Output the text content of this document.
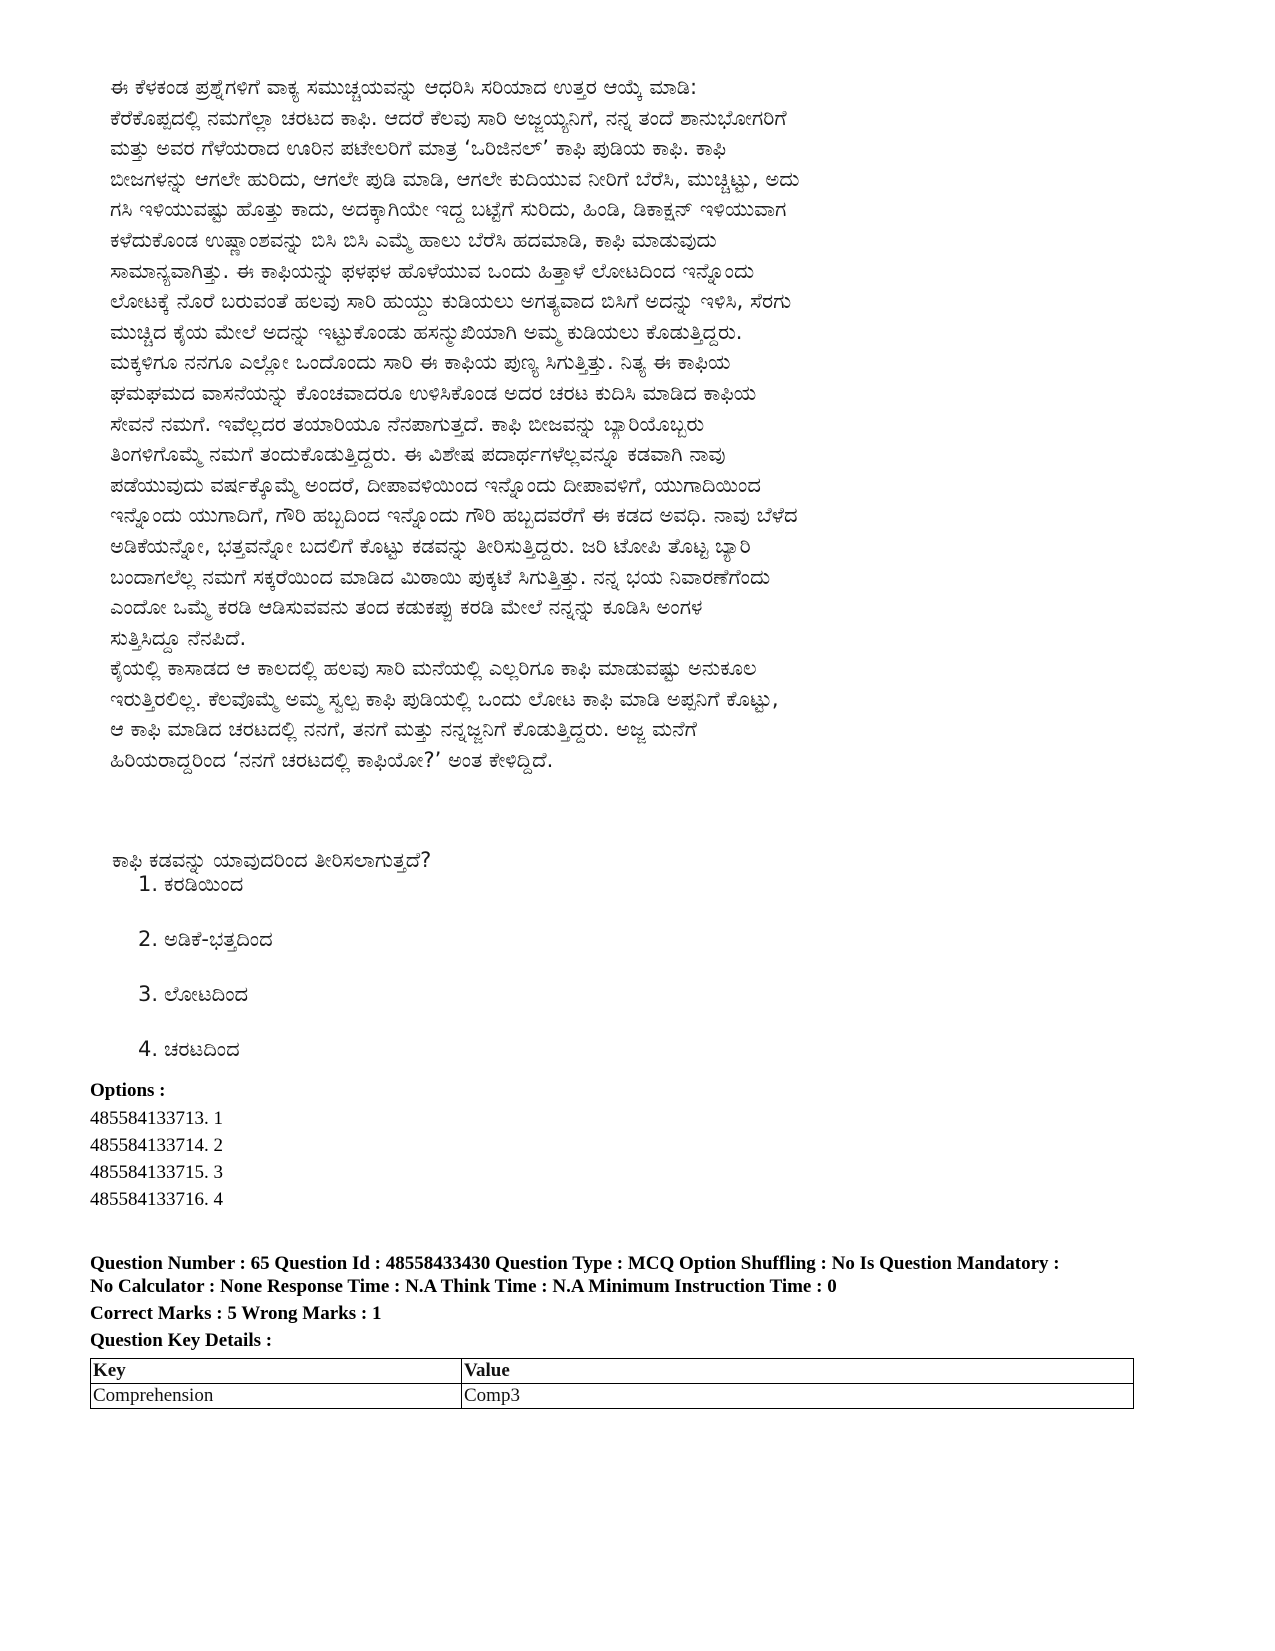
ಈ ಕೆಳಕಂಡ ಪ್ರಶ್ನೆಗಳಿಗೆ ವಾಕ್ಯ ಸಮುಚ್ಚಯವನ್ನು ಆಧರಿಸಿ ಸರಿಯಾದ ಉತ್ತರ ಆಯ್ಕೆ ಮಾಡಿ:
ಕೆರೆಕೊಪ್ಪದಲ್ಲಿ ನಮಗೆಲ್ಲಾ ಚರಟದ ಕಾಫಿ. ಆದರೆ ಕೆಲವು ಸಾರಿ ಅಜ್ಜಯ್ಯನಿಗೆ, ನನ್ನ ತಂದೆ ಶಾನುಭೋಗರಿಗೆ
ಮತ್ತು ಅವರ ಗೆಳೆಯರಾದ ಊರಿನ ಪಟೇಲರಿಗೆ ಮಾತ್ರ ‘ಒರಿಜಿನಲ್’ ಕಾಫಿ ಪುಡಿಯ ಕಾಫಿ. ಕಾಫಿ
ಬೀಜಗಳನ್ನು ಆಗಲೇ ಹುರಿದು, ಆಗಲೇ ಪುಡಿ ಮಾಡಿ, ಆಗಲೇ ಕುದಿಯುವ ನೀರಿಗೆ ಬೆರೆಸಿ, ಮುಚ್ಚಿಟ್ಟು, ಅದು
ಗಸಿ ಇಳಿಯುವಷ್ಟು ಹೊತ್ತು ಕಾದು, ಅದಕ್ಕಾಗಿಯೇ ಇದ್ದ ಬಟ್ಟೆಗೆ ಸುರಿದು, ಹಿಂಡಿ, ಡಿಕಾಕ್ಷನ್ ಇಳಿಯುವಾಗ
ಕಳೆದುಕೊಂಡ ಉಷ್ಣಾಂಶವನ್ನು ಬಿಸಿ ಬಿಸಿ ಎಮ್ಮೆ ಹಾಲು ಬೆರೆಸಿ ಹದಮಾಡಿ, ಕಾಫಿ ಮಾಡುವುದು
ಸಾಮಾನ್ಯವಾಗಿತ್ತು. ಈ ಕಾಫಿಯನ್ನು ಫಳಫಳ ಹೊಳೆಯುವ ಒಂದು ಹಿತ್ತಾಳೆ ಲೋಟದಿಂದ ಇನ್ನೊಂದು
ಲೋಟಕ್ಕೆ ನೊರೆ ಬರುವಂತೆ ಹಲವು ಸಾರಿ ಹುಯ್ದು ಕುಡಿಯಲು ಅಗತ್ಯವಾದ ಬಿಸಿಗೆ ಅದನ್ನು ಇಳಿಸಿ, ಸೆರಗು
ಮುಚ್ಚಿದ ಕೈಯ ಮೇಲೆ ಅದನ್ನು ಇಟ್ಟುಕೊಂಡು ಹಸನ್ಮುಖಿಯಾಗಿ ಅಮ್ಮ ಕುಡಿಯಲು ಕೊಡುತ್ತಿದ್ದರು.
ಮಕ್ಕಳಿಗೂ ನನಗೂ ಎಲ್ಲೋ ಒಂದೊಂದು ಸಾರಿ ಈ ಕಾಫಿಯ ಪುಣ್ಯ ಸಿಗುತ್ತಿತ್ತು. ನಿತ್ಯ ಈ ಕಾಫಿಯ
ಘಮಘಮದ ವಾಸನೆಯನ್ನು ಕೊಂಚವಾದರೂ ಉಳಿಸಿಕೊಂಡ ಅದರ ಚರಟ ಕುದಿಸಿ ಮಾಡಿದ ಕಾಫಿಯ
ಸೇವನೆ ನಮಗೆ. ಇವೆಲ್ಲದರ ತಯಾರಿಯೂ ನೆನಪಾಗುತ್ತದೆ. ಕಾಫಿ ಬೀಜವನ್ನು ಬ್ಯಾರಿಯೊಬ್ಬರು
ತಿಂಗಳಿಗೊಮ್ಮೆ ನಮಗೆ ತಂದುಕೊಡುತ್ತಿದ್ದರು. ಈ ವಿಶೇಷ ಪದಾರ್ಥಗಳೆಲ್ಲವನ್ನೂ ಕಡವಾಗಿ ನಾವು
ಪಡೆಯುವುದು ವರ್ಷಕ್ಕೊಮ್ಮೆ ಅಂದರೆ, ದೀಪಾವಳಿಯಿಂದ ಇನ್ನೊಂದು ದೀಪಾವಳಿಗೆ, ಯುಗಾದಿಯಿಂದ
ಇನ್ನೊಂದು ಯುಗಾದಿಗೆ, ಗೌರಿ ಹಬ್ಬದಿಂದ ಇನ್ನೊಂದು ಗೌರಿ ಹಬ್ಬದವರೆಗೆ ಈ ಕಡದ ಅವಧಿ. ನಾವು ಬೆಳೆದ
ಅಡಿಕೆಯನ್ನೋ, ಭತ್ತವನ್ನೋ ಬದಲಿಗೆ ಕೊಟ್ಟು ಕಡವನ್ನು ತೀರಿಸುತ್ತಿದ್ದರು. ಜರಿ ಟೋಪಿ ತೊಟ್ಟ ಬ್ಯಾರಿ
ಬಂದಾಗಲೆಲ್ಲ ನಮಗೆ ಸಕ್ಕರೆಯಿಂದ ಮಾಡಿದ ಮಿಠಾಯಿ ಪುಕ್ಕಟೆ ಸಿಗುತ್ತಿತ್ತು. ನನ್ನ ಭಯ ನಿವಾರಣೆಗೆಂದು
ಎಂದೋ ಒಮ್ಮೆ ಕರಡಿ ಆಡಿಸುವವನು ತಂದ ಕಡುಕಪ್ಪು ಕರಡಿ ಮೇಲೆ ನನ್ನನ್ನು ಕೂಡಿಸಿ ಅಂಗಳ
ಸುತ್ತಿಸಿದ್ದೂ ನೆನಪಿದೆ.
ಕೈಯಲ್ಲಿ ಕಾಸಾಡದ ಆ ಕಾಲದಲ್ಲಿ ಹಲವು ಸಾರಿ ಮನೆಯಲ್ಲಿ ಎಲ್ಲರಿಗೂ ಕಾಫಿ ಮಾಡುವಷ್ಟು ಅನುಕೂಲ
ಇರುತ್ತಿರಲಿಲ್ಲ. ಕೆಲವೊಮ್ಮೆ ಅಮ್ಮ ಸ್ವಲ್ಪ ಕಾಫಿ ಪುಡಿಯಲ್ಲಿ ಒಂದು ಲೋಟ ಕಾಫಿ ಮಾಡಿ ಅಪ್ಪನಿಗೆ ಕೊಟ್ಟು,
ಆ ಕಾಫಿ ಮಾಡಿದ ಚರಟದಲ್ಲಿ ನನಗೆ, ತನಗೆ ಮತ್ತು ನನ್ನಜ್ಜನಿಗೆ ಕೊಡುತ್ತಿದ್ದರು. ಅಜ್ಜ ಮನೆಗೆ
ಹಿರಿಯರಾದ್ದರಿಂದ ‘ನನಗೆ ಚರಟದಲ್ಲಿ ಕಾಫಿಯೋ?’ ಅಂತ ಕೇಳಿದ್ದಿದೆ.
ಕಾಫಿ ಕಡವನ್ನು ಯಾವುದರಿಂದ ತೀರಿಸಲಾಗುತ್ತದೆ?
1. ಕರಡಿಯಿಂದ
2. ಅಡಿಕೆ-ಭತ್ತದಿಂದ
3. ಲೋಟದಿಂದ
4. ಚರಟದಿಂದ
Options :
485584133713. 1
485584133714. 2
485584133715. 3
485584133716. 4
Question Number : 65 Question Id : 48558433430 Question Type : MCQ Option Shuffling : No Is Question Mandatory :
No Calculator : None Response Time : N.A Think Time : N.A Minimum Instruction Time : 0
Correct Marks : 5 Wrong Marks : 1
Question Key Details :
Key	Value
Comprehension	Comp3
